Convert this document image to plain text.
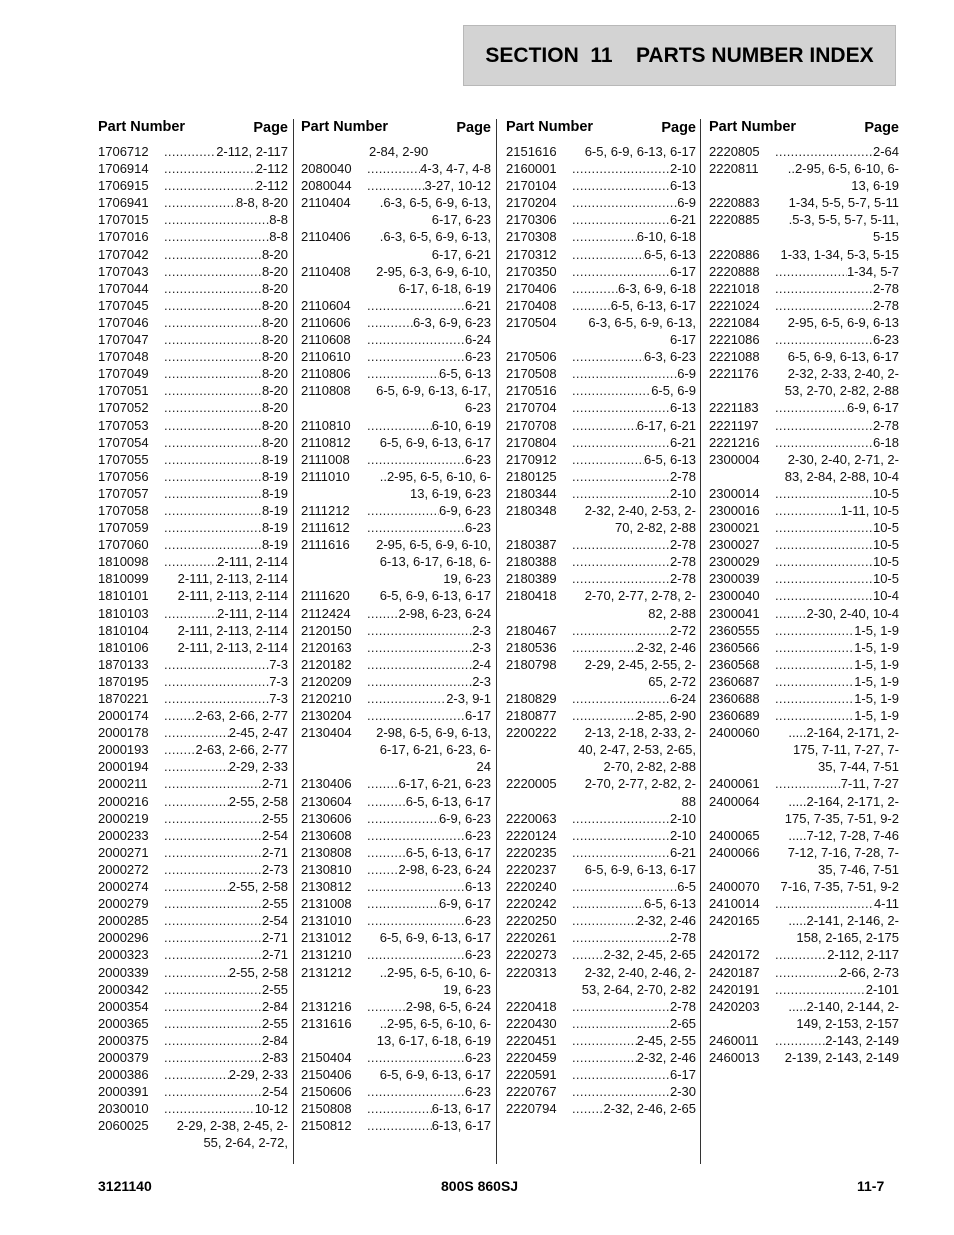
SECTION  11    PARTS NUMBER INDEX
Part Number	Page
1706712 .....	2-112, 2-117
1706914 .....	2-112
1706915 .....	2-112
1706941 .....	8-8, 8-20
1707015 .....	8-8
1707016 .....	8-8
1707042 .....	8-20
1707043 .....	8-20
1707044 .....	8-20
1707045 .....	8-20
1707046 .....	8-20
1707047 .....	8-20
1707048 .....	8-20
1707049 .....	8-20
1707051 .....	8-20
1707052 .....	8-20
1707053 .....	8-20
1707054 .....	8-20
1707055 .....	8-19
1707056 .....	8-19
1707057 .....	8-19
1707058 .....	8-19
1707059 .....	8-19
1707060 .....	8-19
1810098 .....	2-111, 2-114
1810099	2-111, 2-113, 2-114
1810101	2-111, 2-113, 2-114
1810103 .....	2-111, 2-114
1810104	2-111, 2-113, 2-114
1810106	2-111, 2-113, 2-114
1870133 .....	7-3
1870195 .....	7-3
1870221 .....	7-3
2000174 .....	2-63, 2-66, 2-77
2000178 .....	2-45, 2-47
2000193 .....	2-63, 2-66, 2-77
2000194 .....	2-29, 2-33
2000211 .....	2-71
2000216 .....	2-55, 2-58
2000219 .....	2-55
2000233 .....	2-54
2000271 .....	2-71
2000272 .....	2-73
2000274 .....	2-55, 2-58
2000279 .....	2-55
2000285 .....	2-54
2000296 .....	2-71
2000323 .....	2-71
2000339 .....	2-55, 2-58
2000342 .....	2-55
2000354 .....	2-84
2000365 .....	2-55
2000375 .....	2-84
2000379 .....	2-83
2000386 .....	2-29, 2-33
2000391 .....	2-54
2030010 .....	10-12
2060025	2-29, 2-38, 2-45, 2-55, 2-64, 2-72,
Part Number	Page
2-84, 2-90
2080040 .....	4-3, 4-7, 4-8
2080044 .....	3-27, 10-12
2110404	.6-3, 6-5, 6-9, 6-13, 6-17, 6-23
2110406	.6-3, 6-5, 6-9, 6-13, 6-17, 6-21
2110408	2-95, 6-3, 6-9, 6-10, 6-17, 6-18, 6-19
2110604 .....	6-21
2110606 .....	6-3, 6-9, 6-23
2110608 .....	6-24
2110610 .....	6-23
2110806 .....	6-5, 6-13
2110808	6-5, 6-9, 6-13, 6-17, 6-23
2110810 .....	6-10, 6-19
2110812	6-5, 6-9, 6-13, 6-17
2111008 .....	6-23
2111010	..2-95, 6-5, 6-10, 6-13, 6-19, 6-23
2111212 .....	6-9, 6-23
2111612 .....	6-23
2111616	2-95, 6-5, 6-9, 6-10, 6-13, 6-17, 6-18, 6-19, 6-23
2111620	6-5, 6-9, 6-13, 6-17
2112424 .....	2-98, 6-23, 6-24
2120150 .....	2-3
2120163 .....	2-3
2120182 .....	2-4
2120209 .....	2-3
2120210 .....	2-3, 9-1
2130204 .....	6-17
2130404	2-98, 6-5, 6-9, 6-13, 6-17, 6-21, 6-23, 6-24
2130406 .....	6-17, 6-21, 6-23
2130604 .....	6-5, 6-13, 6-17
2130606 .....	6-9, 6-23
2130608 .....	6-23
2130808 .....	6-5, 6-13, 6-17
2130810 .....	2-98, 6-23, 6-24
2130812 .....	6-13
2131008 .....	6-9, 6-17
2131010 .....	6-23
2131012	6-5, 6-9, 6-13, 6-17
2131210 .....	6-23
2131212	..2-95, 6-5, 6-10, 6-19, 6-23
2131216 .....	2-98, 6-5, 6-24
2131616	..2-95, 6-5, 6-10, 6-13, 6-17, 6-18, 6-19
2150404 .....	6-23
2150406	6-5, 6-9, 6-13, 6-17
2150606 .....	6-23
2150808 .....	6-13, 6-17
2150812 .....	6-13, 6-17
Part Number	Page
2151616	6-5, 6-9, 6-13, 6-17
2160001 .....	2-10
2170104 .....	6-13
2170204 .....	6-9
2170306 .....	6-21
2170308 .....	6-10, 6-18
2170312 .....	6-5, 6-13
2170350 .....	6-17
2170406 .....	6-3, 6-9, 6-18
2170408 .....	6-5, 6-13, 6-17
2170504	6-3, 6-5, 6-9, 6-13, 6-17
2170506 .....	6-3, 6-23
2170508 .....	6-9
2170516 .....	6-5, 6-9
2170704 .....	6-13
2170708 .....	6-17, 6-21
2170804 .....	6-21
2170912 .....	6-5, 6-13
2180125 .....	2-78
2180344 .....	2-10
2180348	2-32, 2-40, 2-53, 2-70, 2-82, 2-88
2180387 .....	2-78
2180388 .....	2-78
2180389 .....	2-78
2180418	2-70, 2-77, 2-78, 2-82, 2-88
2180467 .....	2-72
2180536 .....	2-32, 2-46
2180798	2-29, 2-45, 2-55, 2-65, 2-72
2180829 .....	6-24
2180877 .....	2-85, 2-90
2200222	2-13, 2-18, 2-33, 2-40, 2-47, 2-53, 2-65, 2-70, 2-82, 2-88
2220005	2-70, 2-77, 2-82, 2-88
2220063 .....	2-10
2220124 .....	2-10
2220235 .....	6-21
2220237	6-5, 6-9, 6-13, 6-17
2220240 .....	6-5
2220242 .....	6-5, 6-13
2220250 .....	2-32, 2-46
2220261 .....	2-78
2220273 .....	2-32, 2-45, 2-65
2220313	2-32, 2-40, 2-46, 2-53, 2-64, 2-70, 2-82
2220418 .....	2-78
2220430 .....	2-65
2220451 .....	2-45, 2-55
2220459 .....	2-32, 2-46
2220591 .....	6-17
2220767 .....	2-30
2220794 .....	2-32, 2-46, 2-65
Part Number	Page
2220805 .....	2-64
2220811	..2-95, 6-5, 6-10, 6-13, 6-19
2220883	1-34, 5-5, 5-7, 5-11
2220885	.5-3, 5-5, 5-7, 5-11, 5-15
2220886	1-33, 1-34, 5-3, 5-15
2220888 .....	1-34, 5-7
2221018 .....	2-78
2221024 .....	2-78
2221084	2-95, 6-5, 6-9, 6-13
2221086 .....	6-23
2221088	6-5, 6-9, 6-13, 6-17
2221176	2-32, 2-33, 2-40, 2-53, 2-70, 2-82, 2-88
2221183 .....	6-9, 6-17
2221197 .....	2-78
2221216 .....	6-18
2300004	2-30, 2-40, 2-71, 2-83, 2-84, 2-88, 10-4
2300014 .....	10-5
2300016 .....	1-11, 10-5
2300021 .....	10-5
2300027 .....	10-5
2300029 .....	10-5
2300039 .....	10-5
2300040 .....	10-4
2300041 .....	2-30, 2-40, 10-4
2360555 .....	1-5, 1-9
2360566 .....	1-5, 1-9
2360568 .....	1-5, 1-9
2360687 .....	1-5, 1-9
2360688 .....	1-5, 1-9
2360689 .....	1-5, 1-9
2400060	.....2-164, 2-171, 2-175, 7-11, 7-27, 7-35, 7-44, 7-51
2400061 .....	7-11, 7-27
2400064	.....2-164, 2-171, 2-175, 7-35, 7-51, 9-2
2400065	.....7-12, 7-28, 7-46
2400066	7-12, 7-16, 7-28, 7-35, 7-46, 7-51
2400070	7-16, 7-35, 7-51, 9-2
2410014 .....	4-11
2420165	.....2-141, 2-146, 2-158, 2-165, 2-175
2420172 .....	2-112, 2-117
2420187 .....	2-66, 2-73
2420191 .....	2-101
2420203	.....2-140, 2-144, 2-149, 2-153, 2-157
2460011 .....	2-143, 2-149
2460013	2-139, 2-143, 2-149
3121140	800S 860SJ	11-7
